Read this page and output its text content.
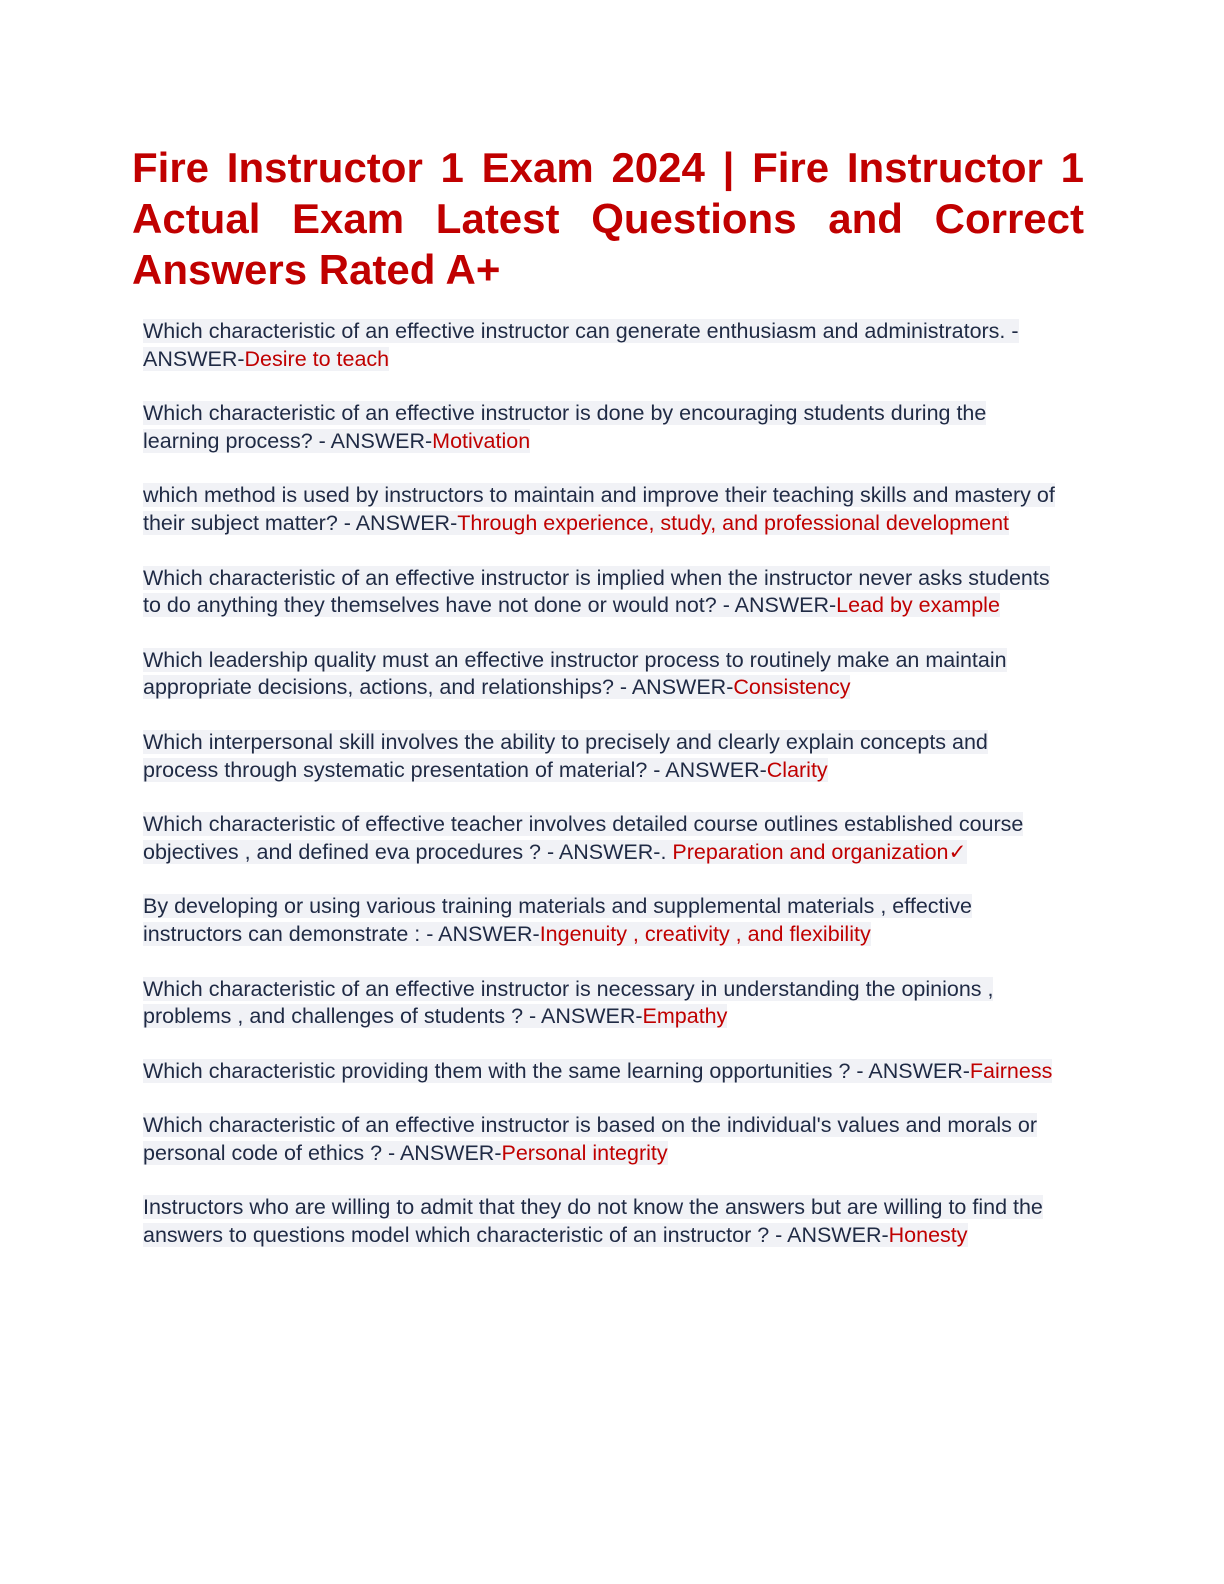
Fire Instructor 1 Exam 2024 | Fire Instructor 1 Actual Exam Latest Questions and Correct Answers Rated A+

Which characteristic of an effective instructor can generate enthusiasm and administrators. - ANSWER-Desire to teach

Which characteristic of an effective instructor is done by encouraging students during the learning process? - ANSWER-Motivation

which method is used by instructors to maintain and improve their teaching skills and mastery of their subject matter? - ANSWER-Through experience, study, and professional development

Which characteristic of an effective instructor is implied when the instructor never asks students to do anything they themselves have not done or would not? - ANSWER-Lead by example

Which leadership quality must an effective instructor process to routinely make an maintain appropriate decisions, actions, and relationships? - ANSWER-Consistency

Which interpersonal skill involves the ability to precisely and clearly explain concepts and process through systematic presentation of material? - ANSWER-Clarity

Which characteristic of effective teacher involves detailed course outlines established course objectives , and defined eva procedures ? - ANSWER-. Preparation and organization✓

By developing or using various training materials and supplemental materials , effective instructors can demonstrate : - ANSWER-Ingenuity , creativity , and flexibility

Which characteristic of an effective instructor is necessary in understanding the opinions , problems , and challenges of students ? - ANSWER-Empathy

Which characteristic providing them with the same learning opportunities ? - ANSWER-Fairness

Which characteristic of an effective instructor is based on the individual's values and morals or personal code of ethics ? - ANSWER-Personal integrity

Instructors who are willing to admit that they do not know the answers but are willing to find the answers to questions model which characteristic of an instructor ? - ANSWER-Honesty
